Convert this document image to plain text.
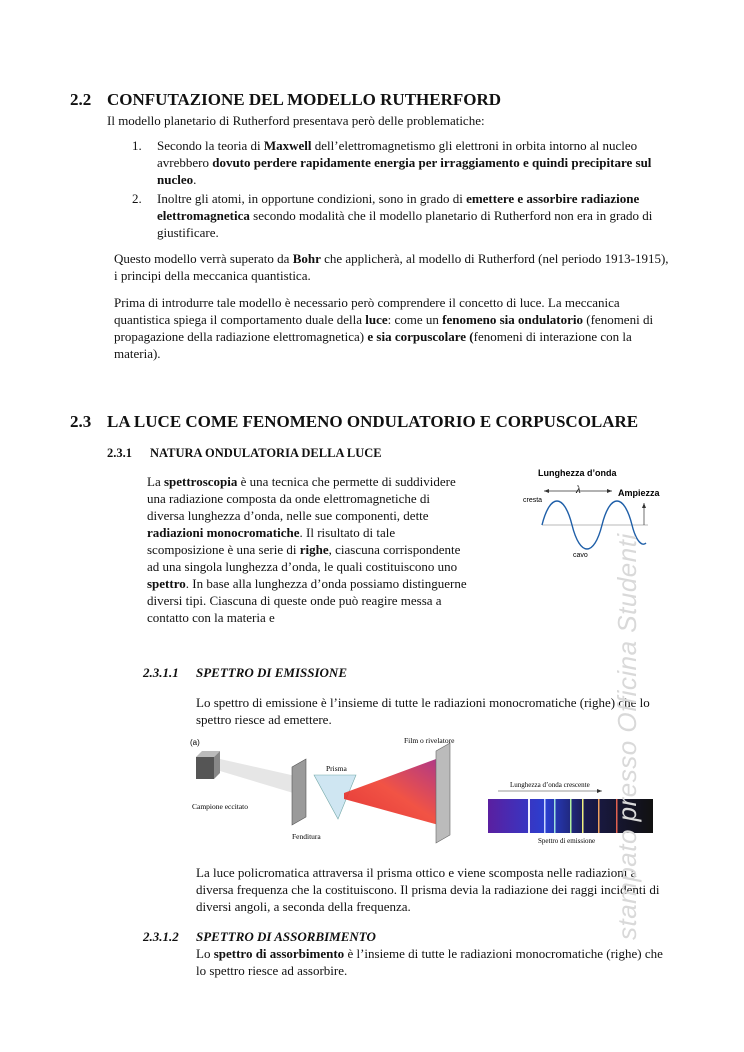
2.2 CONFUTAZIONE DEL MODELLO RUTHERFORD
Il modello planetario di Rutherford presentava però delle problematiche:
1. Secondo la teoria di Maxwell dell’elettromagnetismo gli elettroni in orbita intorno al nucleo avrebbero dovuto perdere rapidamente energia per irraggiamento e quindi precipitare sul nucleo.
2. Inoltre gli atomi, in opportune condizioni, sono in grado di emettere e assorbire radiazione elettromagnetica secondo modalità che il modello planetario di Rutherford non era in grado di giustificare.
Questo modello verrà superato da Bohr che applicherà, al modello di Rutherford (nel periodo 1913-1915), i principi della meccanica quantistica.
Prima di introdurre tale modello è necessario però comprendere il concetto di luce. La meccanica quantistica spiega il comportamento duale della luce: come un fenomeno sia ondulatorio (fenomeni di propagazione della radiazione elettromagnetica) e sia corpuscolare (fenomeni di interazione con la materia).
2.3 LA LUCE COME FENOMENO ONDULATORIO E CORPUSCOLARE
2.3.1 NATURA ONDULATORIA DELLA LUCE
La spettroscopia è una tecnica che permette di suddividere una radiazione composta da onde elettromagnetiche di diversa lunghezza d’onda, nelle sue componenti, dette radiazioni monocromatiche. Il risultato di tale scomposizione è una serie di righe, ciascuna corrispondente ad una singola lunghezza d’onda, le quali costituiscono uno spettro. In base alla lunghezza d’onda possiamo distinguerne diversi tipi. Ciascuna di queste onde può reagire messa a contatto con la materia e
Lunghezza d’onda
λ
cresta
Ampiezza
cavo
2.3.1.1 SPETTRO DI EMISSIONE
Lo spettro di emissione è l’insieme di tutte le radiazioni monocromatiche (righe) che lo spettro riesce ad emettere.
(a)
Campione eccitato
Fenditura
Prisma
Film o rivelatore
Lunghezza d’onda crescente
Spettro di emissione
La luce policromatica attraversa il prisma ottico e viene scomposta nelle radiazioni a diversa frequenza che la costituiscono. Il prisma devia la radiazione dei raggi incidenti di diversi angoli, a seconda della frequenza.
2.3.1.2 SPETTRO DI ASSORBIMENTO
Lo spettro di assorbimento è l’insieme di tutte le radiazioni monocromatiche (righe) che lo spettro riesce ad assorbire.
stampato presso Officina Studenti
